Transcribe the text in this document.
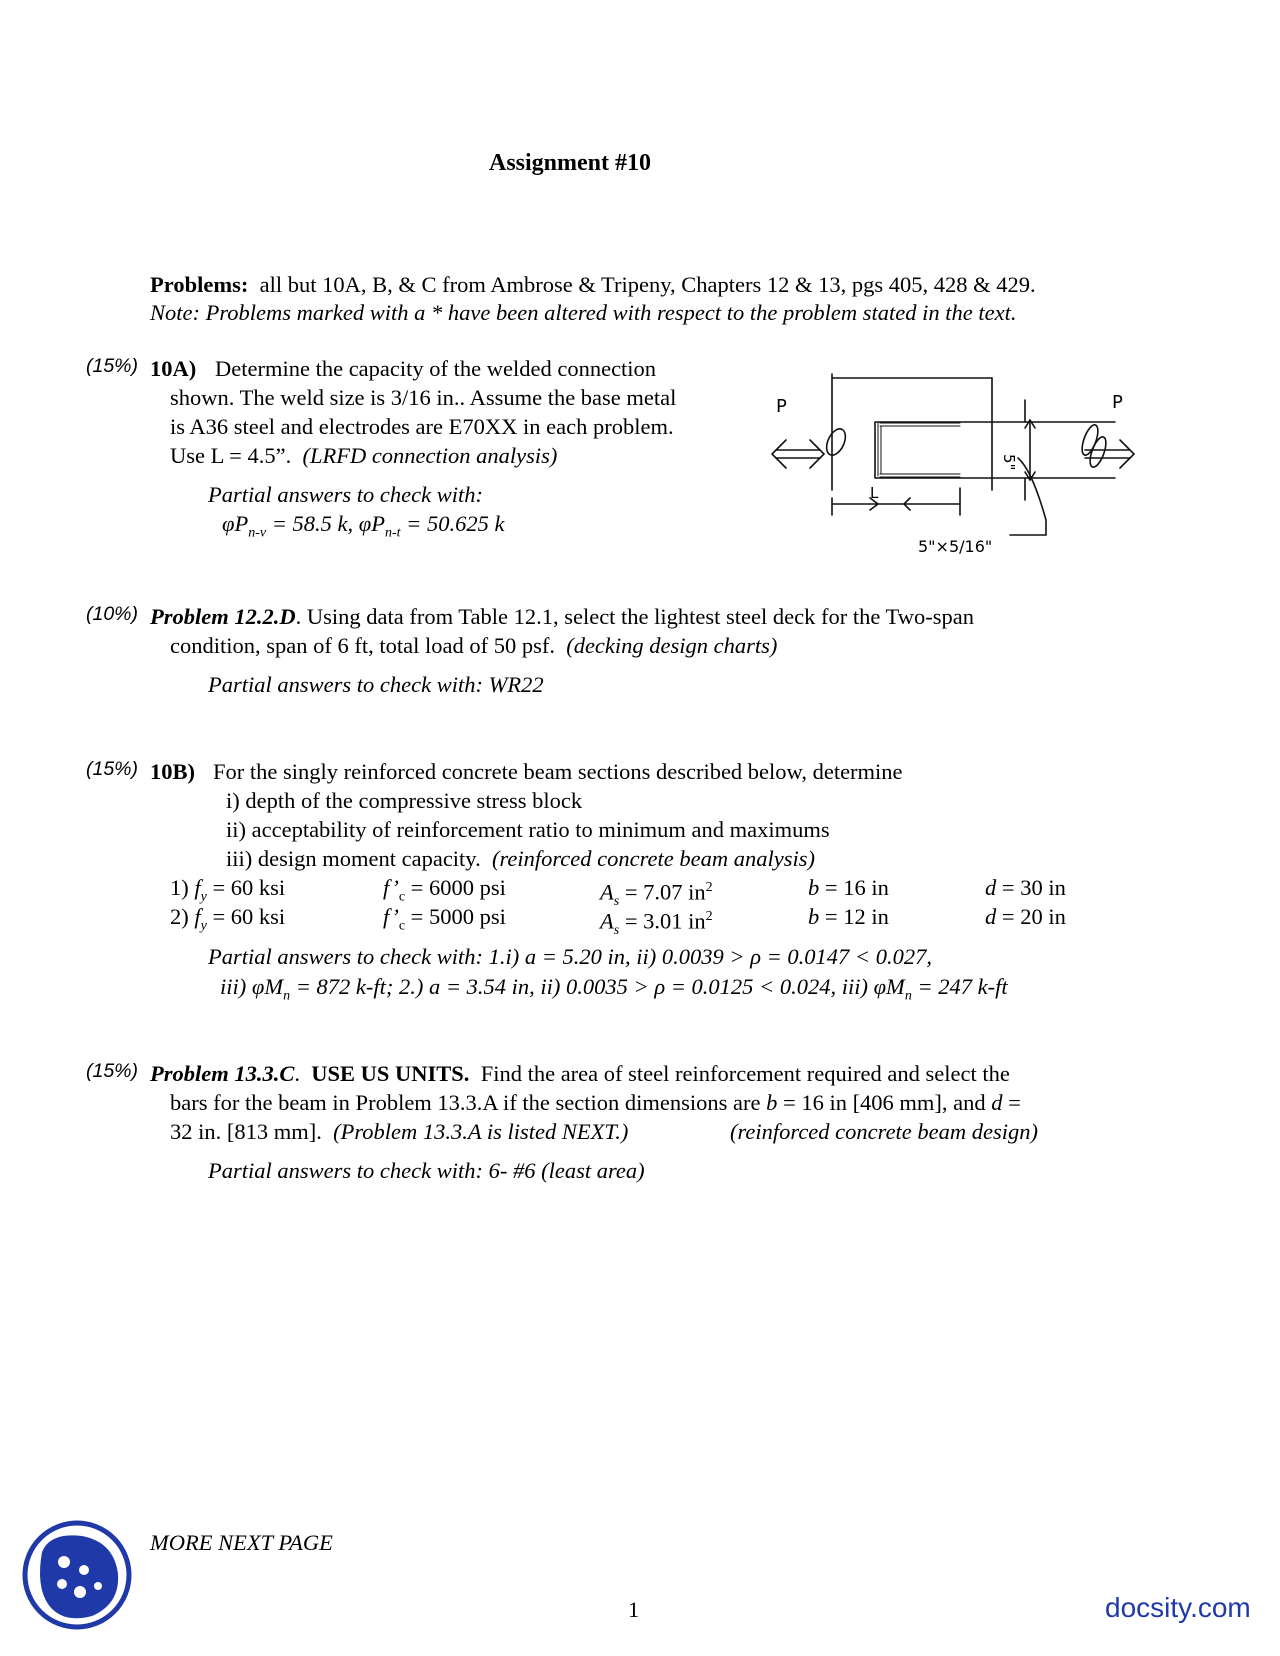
Assignment #10
Problems: all but 10A, B, & C from Ambrose & Tripeny, Chapters 12 & 13, pgs 405, 428 & 429.
Note: Problems marked with a * have been altered with respect to the problem stated in the text.
(15%) 10A) Determine the capacity of the welded connection
shown. The weld size is 3/16 in.. Assume the base metal
is A36 steel and electrodes are E70XX in each problem.
Use L = 4.5”. (LRFD connection analysis)
Partial answers to check with:
$\varphi P_{n-v} = 58.5$ k, $\varphi P_{n-t} = 50.625$ k
P	P
5"
L
5"×5/16"
(10%) Problem 12.2.D. Using data from Table 12.1, select the lightest steel deck for the Two-span
condition, span of 6 ft, total load of 50 psf. (decking design charts)
Partial answers to check with: WR22
(15%) 10B) For the singly reinforced concrete beam sections described below, determine
i) depth of the compressive stress block
ii) acceptability of reinforcement ratio to minimum and maximums
iii) design moment capacity. (reinforced concrete beam analysis)
1) $f_y = 60$ ksi	$f’_c = 6000$ psi	$A_s = 7.07$ $in^2$	b = 16 in	d = 30 in
2) $f_y = 60$ ksi	$f’_c = 5000$ psi	$A_s = 3.01$ $in^2$	b = 12 in	d = 20 in
Partial answers to check with: 1.i) a = 5.20 in, ii) 0.0039 > ρ = 0.0147 < 0.027,
iii) $\varphi M_n = 872$ k-ft; 2.) a = 3.54 in, ii) 0.0035 > ρ = 0.0125 < 0.024, iii) $\varphi M_n = 247$ k-ft
(15%) Problem 13.3.C.  USE US UNITS. Find the area of steel reinforcement required and select the
bars for the beam in Problem 13.3.A if the section dimensions are b = 16 in [406 mm], and d =
32 in. [813 mm]. (Problem 13.3.A is listed NEXT.)	(reinforced concrete beam design)
Partial answers to check with: 6- #6 (least area)
MORE NEXT PAGE
1	docsity.com
